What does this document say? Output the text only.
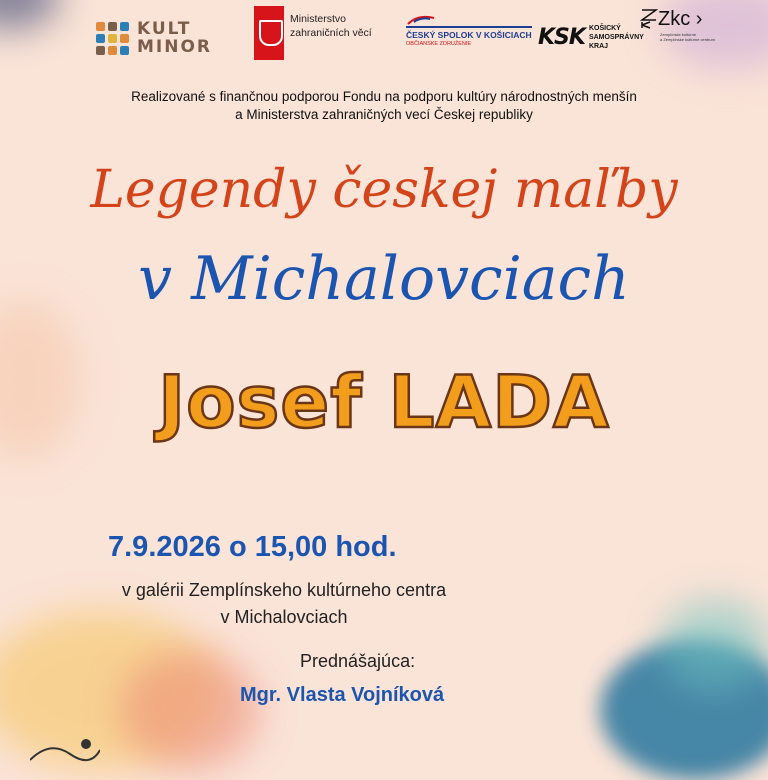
KULT
MINOR
Ministerstvo
zahraničních věcí	ČESKÝ SPOLOK V KOŠICIACH
OBČIANSKE ZDRUŽENIE	KSK KOŠICKÝ
SAMOSPRÁVNY
KRAJ
Zkc ›
Zemplínske kultúrne
a Zemplínske kultúrne centrum
Realizované s finančnou podporou Fondu na podporu kultúry národnostných menšín
a Ministerstva zahraničných vecí Českej republiky
Legendy českej maľby
v Michalovciach
Josef LADA
7.9.2026 o 15,00 hod.
v galérii Zemplínskeho kultúrneho centra
v Michalovciach
Prednášajúca:
Mgr. Vlasta Vojníková
